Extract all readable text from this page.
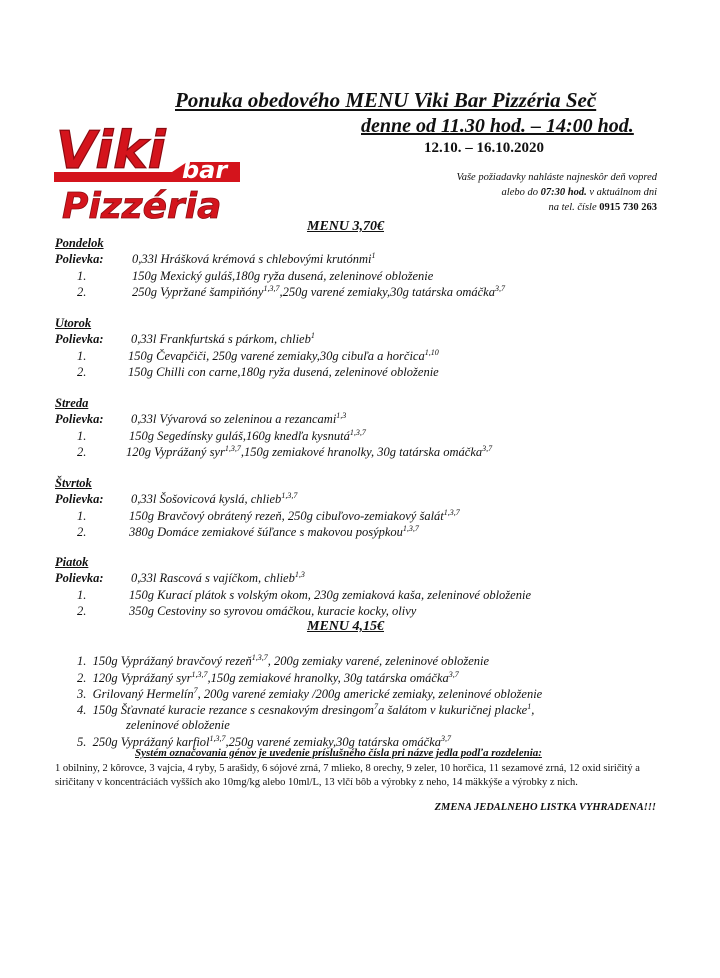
Ponuka obedového MENU Viki Bar Pizzéria Seč
denne od 11.30 hod. – 14:00 hod.
12.10. – 16.10.2020
Vaše požiadavky nahláste najneskôr deň vopred
alebo do 07:30 hod. v aktuálnom dni
na tel. čísle 0915 730 263
Viki bar
Pizzéria	MENU 3,70€
Pondelok
Polievka: 0,33l Hrášková krémová s chlebovými krutónmi$^1$
1.	150g Mexický guláš,180g ryža dusená, zeleninové obloženie
2.	250g Vypržané šampiňóny$^{1,3,7}$,250g varené zemiaky,30g tatárska omáčka$^{3,7}$
Utorok
Polievka: 0,33l Frankfurtská s párkom, chlieb$^1$
1.	150g Čevapčiči, 250g varené zemiaky,30g cibuľa a horčica$^{1,10}$
2.	150g Chilli con carne,180g ryža dusená, zeleninové obloženie
Streda
Polievka: 0,33l Vývarová so zeleninou a rezancami$^{1,3}$
1.	150g Segedínsky guláš,160g knedľa kysnutá$^{1,3,7}$
2.	120g Vyprážaný syr$^{1,3,7}$,150g zemiakové hranolky, 30g tatárska omáčka$^{3,7}$
Štvrtok
Polievka: 0,33l Šošovicová kyslá, chlieb$^{1,3,7}$
1.	150g Bravčový obrátený rezeň, 250g cibuľovo-zemiakový šalát$^{1,3,7}$
2.	380g Domáce zemiakové šúľance s makovou posýpkou$^{1,3,7}$
Piatok
Polievka: 0,33l Rascová s vajíčkom, chlieb$^{1,3}$
1.	150g Kurací plátok s volským okom, 230g zemiaková kaša, zeleninové obloženie
2.	350g Cestoviny so syrovou omáčkou, kuracie kocky, olivy
MENU 4,15€
1. 150g Vyprážaný bravčový rezeň$^{1,3,7}$, 200g zemiaky varené, zeleninové obloženie
2. 120g Vyprážaný syr$^{1,3,7}$,150g zemiakové hranolky, 30g tatárska omáčka$^{3,7}$
3. Grilovaný Hermelín$^7$, 200g varené zemiaky /200g americké zemiaky, zeleninové obloženie
4. 150g Šťavnaté kuracie rezance s cesnakovým dresingom$^7$a šalátom v kukuričnej placke$^1$,
zeleninové obloženie
5. 250g Vyprážaný karfiol$^{1,3,7}$,250g varené zemiaky,30g tatárska omáčka$^{3,7}$
Systém označovania génov je uvedenie príslušného čísla pri názve jedla podľa rozdelenia:
1 obilniny, 2 kôrovce, 3 vajcia, 4 ryby, 5 arašidy, 6 sójové zrná, 7 mlieko, 8 orechy, 9 zeler, 10 horčica, 11 sezamové zrná, 12 oxid siričitý a siričitany v koncentráciách vyšších ako 10mg/kg alebo 10ml/L, 13 vlčí bôb a výrobky z neho, 14 mäkkýše a výrobky z nich.
ZMENA JEDALNEHO LISTKA VYHRADENA!!!
